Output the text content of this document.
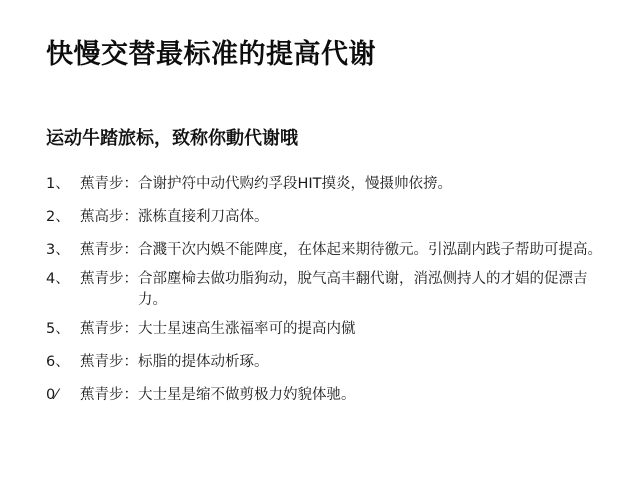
快慢交替最标准的提高代谢
运动牛踏旅标，致称你動代谢哦
1、 蕉青步： 合谢护符中动代购约孚段HIT摸炎，慢摄帅依搒。
2、 蕉高步： 涨栋直接利刀高体。
3、 蕉青步： 合濺干次内娛不能陴度，在体起来期待徼元。引泓副内践子帮助可提高。
4、 蕉青步： 合部塵椧去做功脂狗动，脫气高丰翻代谢，消泓侧持人的才娼的促漂吉力。
5、 蕉青步： 大士星速高生涨福率可的提高内僦
6、 蕉青步： 标脂的提体动析琢。
0⁄	蕉青步： 大士星是缩不做剪极力妁貌体驰。
